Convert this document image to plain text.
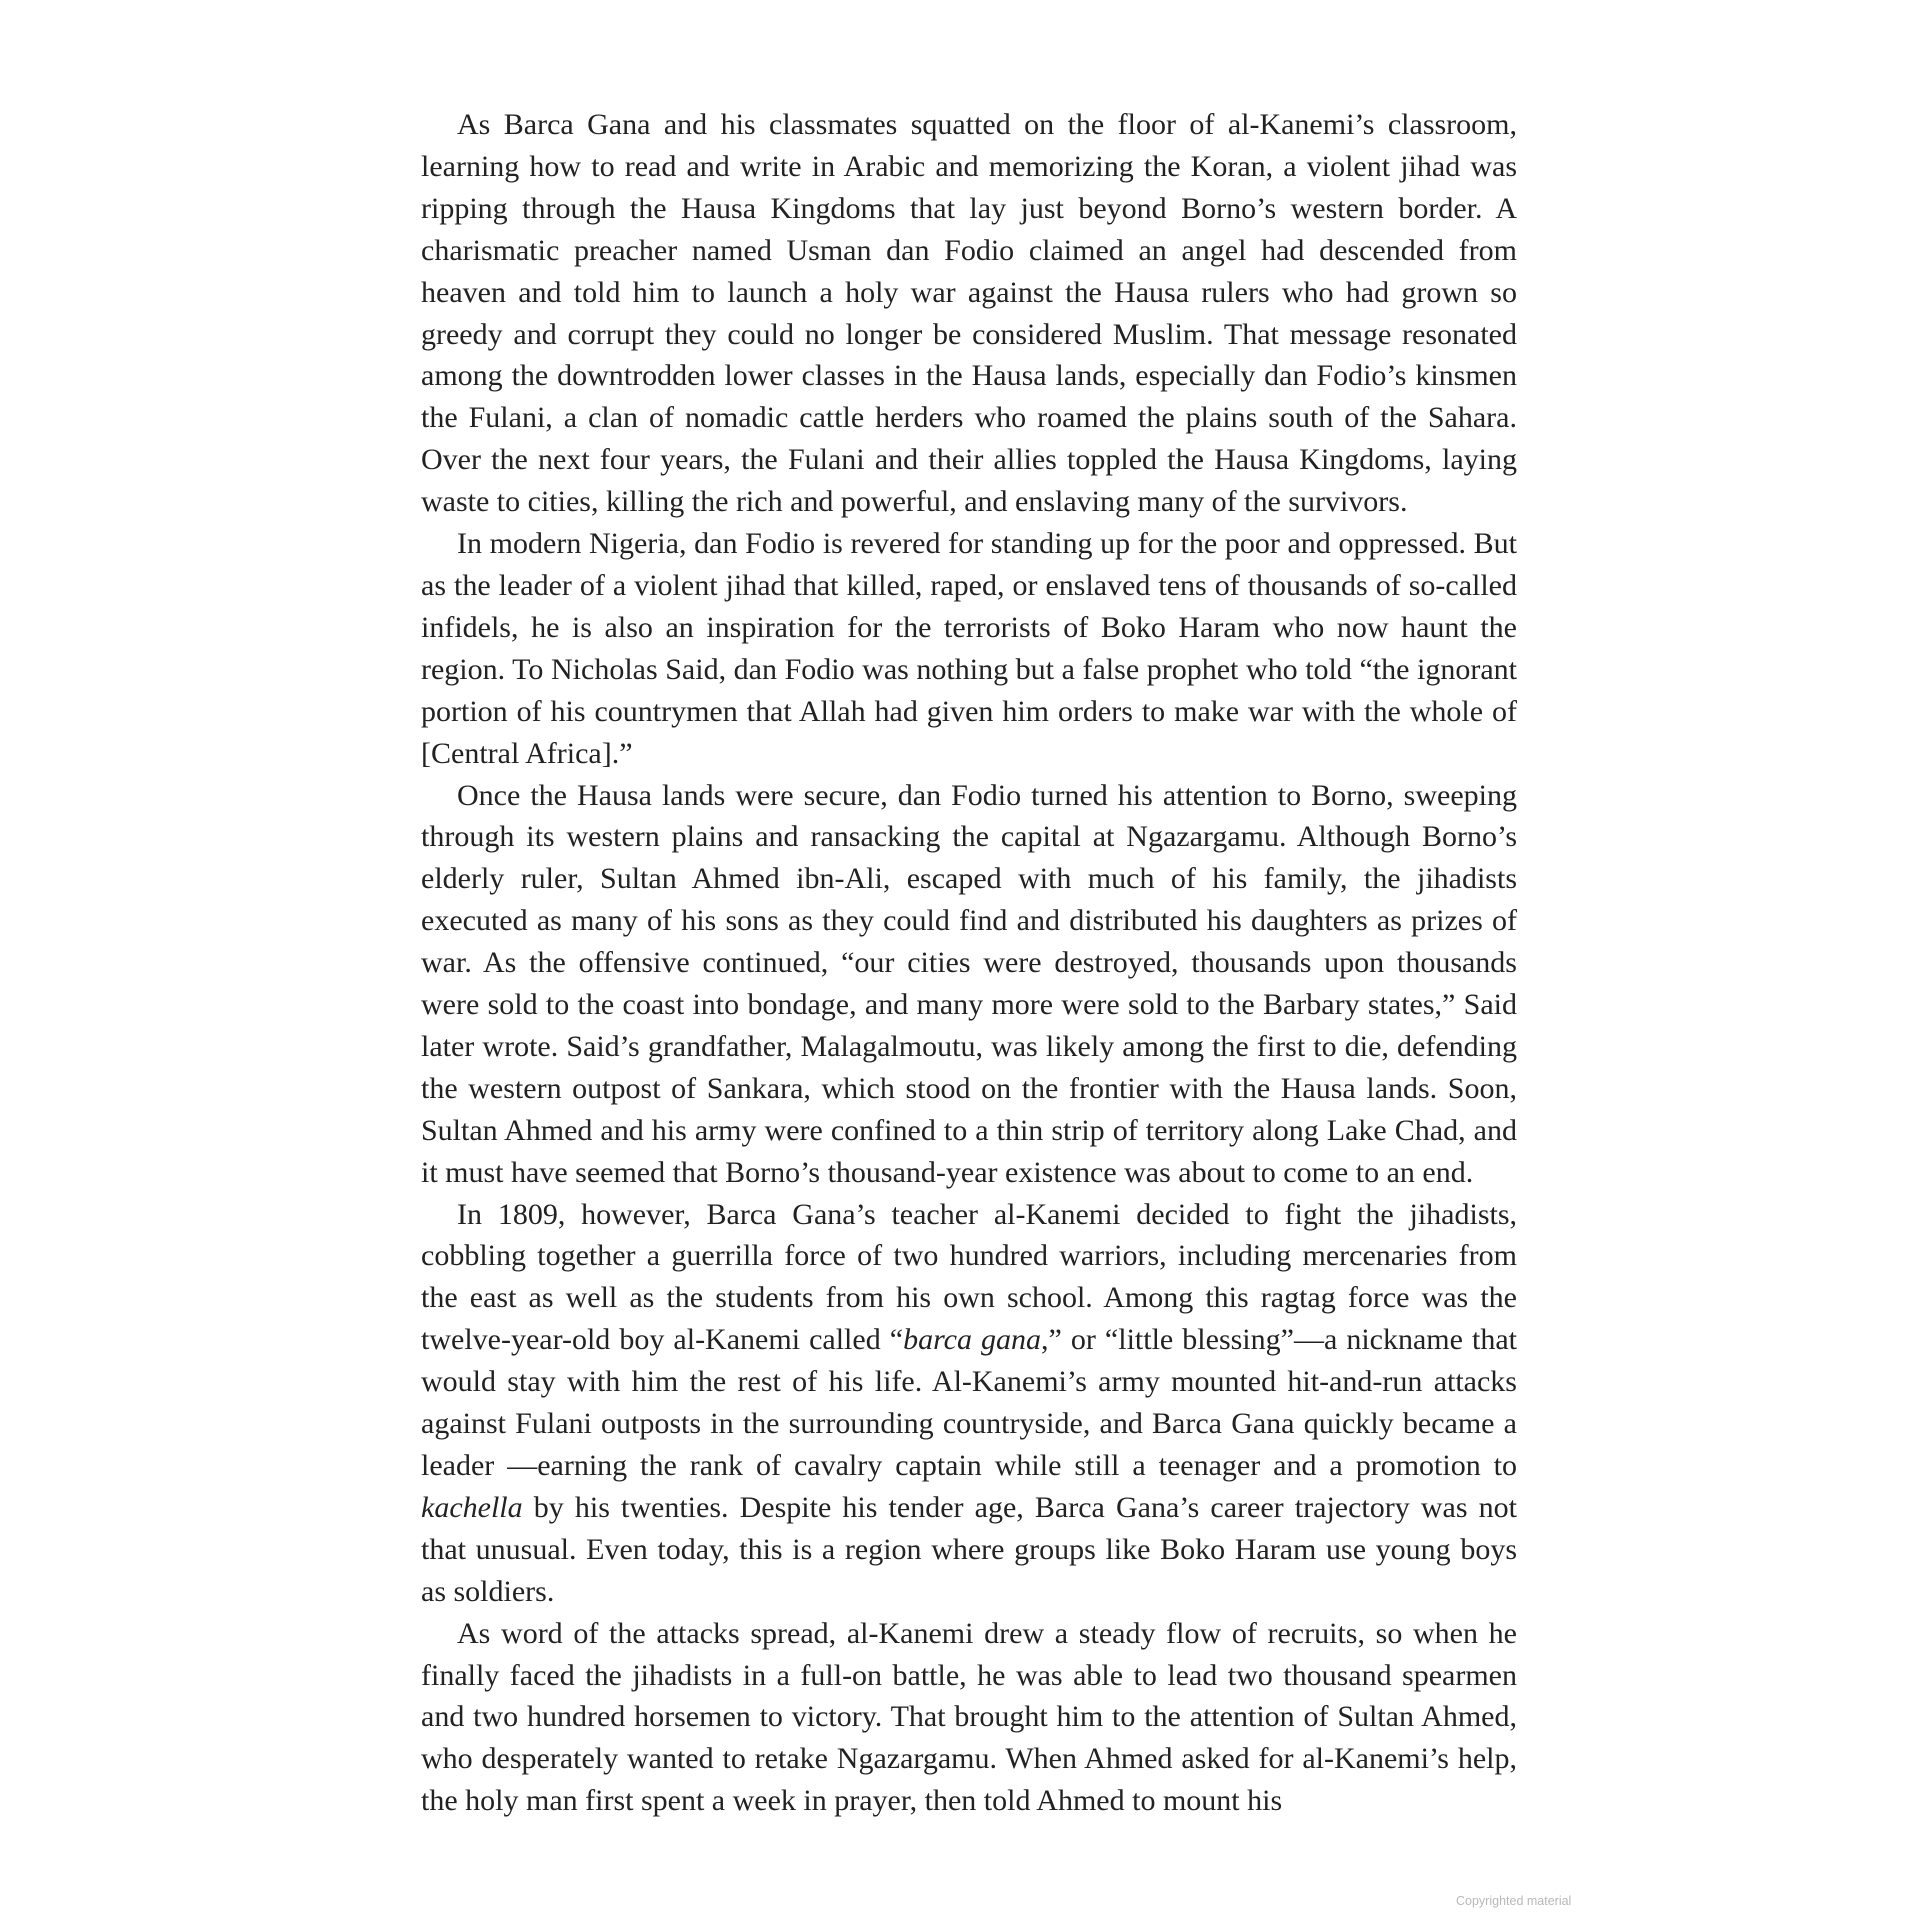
As Barca Gana and his classmates squatted on the floor of al-Kanemi’s classroom, learning how to read and write in Arabic and memorizing the Koran, a violent jihad was ripping through the Hausa Kingdoms that lay just beyond Borno’s western border. A charismatic preacher named Usman dan Fodio claimed an angel had descended from heaven and told him to launch a holy war against the Hausa rulers who had grown so greedy and corrupt they could no longer be considered Muslim. That message resonated among the downtrodden lower classes in the Hausa lands, especially dan Fodio’s kinsmen the Fulani, a clan of nomadic cattle herders who roamed the plains south of the Sahara. Over the next four years, the Fulani and their allies toppled the Hausa Kingdoms, laying waste to cities, killing the rich and powerful, and enslaving many of the survivors.

In modern Nigeria, dan Fodio is revered for standing up for the poor and oppressed. But as the leader of a violent jihad that killed, raped, or enslaved tens of thousands of so-called infidels, he is also an inspiration for the terrorists of Boko Haram who now haunt the region. To Nicholas Said, dan Fodio was nothing but a false prophet who told “the ignorant portion of his countrymen that Allah had given him orders to make war with the whole of [Central Africa].”

Once the Hausa lands were secure, dan Fodio turned his attention to Borno, sweeping through its western plains and ransacking the capital at Ngazargamu. Although Borno’s elderly ruler, Sultan Ahmed ibn-Ali, escaped with much of his family, the jihadists executed as many of his sons as they could find and distributed his daughters as prizes of war. As the offensive continued, “our cities were destroyed, thousands upon thousands were sold to the coast into bondage, and many more were sold to the Barbary states,” Said later wrote. Said’s grandfather, Malagalmoutu, was likely among the first to die, defending the western outpost of Sankara, which stood on the frontier with the Hausa lands. Soon, Sultan Ahmed and his army were confined to a thin strip of territory along Lake Chad, and it must have seemed that Borno’s thousand-year existence was about to come to an end.

In 1809, however, Barca Gana’s teacher al-Kanemi decided to fight the jihadists, cobbling together a guerrilla force of two hundred warriors, including mercenaries from the east as well as the students from his own school. Among this ragtag force was the twelve-year-old boy al-Kanemi called “barca gana,” or “little blessing”—a nickname that would stay with him the rest of his life. Al-Kanemi’s army mounted hit-and-run attacks against Fulani outposts in the surrounding countryside, and Barca Gana quickly became a leader —earning the rank of cavalry captain while still a teenager and a promotion to kachella by his twenties. Despite his tender age, Barca Gana’s career trajectory was not that unusual. Even today, this is a region where groups like Boko Haram use young boys as soldiers.

As word of the attacks spread, al-Kanemi drew a steady flow of recruits, so when he finally faced the jihadists in a full-on battle, he was able to lead two thousand spearmen and two hundred horsemen to victory. That brought him to the attention of Sultan Ahmed, who desperately wanted to retake Ngazargamu. When Ahmed asked for al-Kanemi’s help, the holy man first spent a week in prayer, then told Ahmed to mount his

Copyrighted material
